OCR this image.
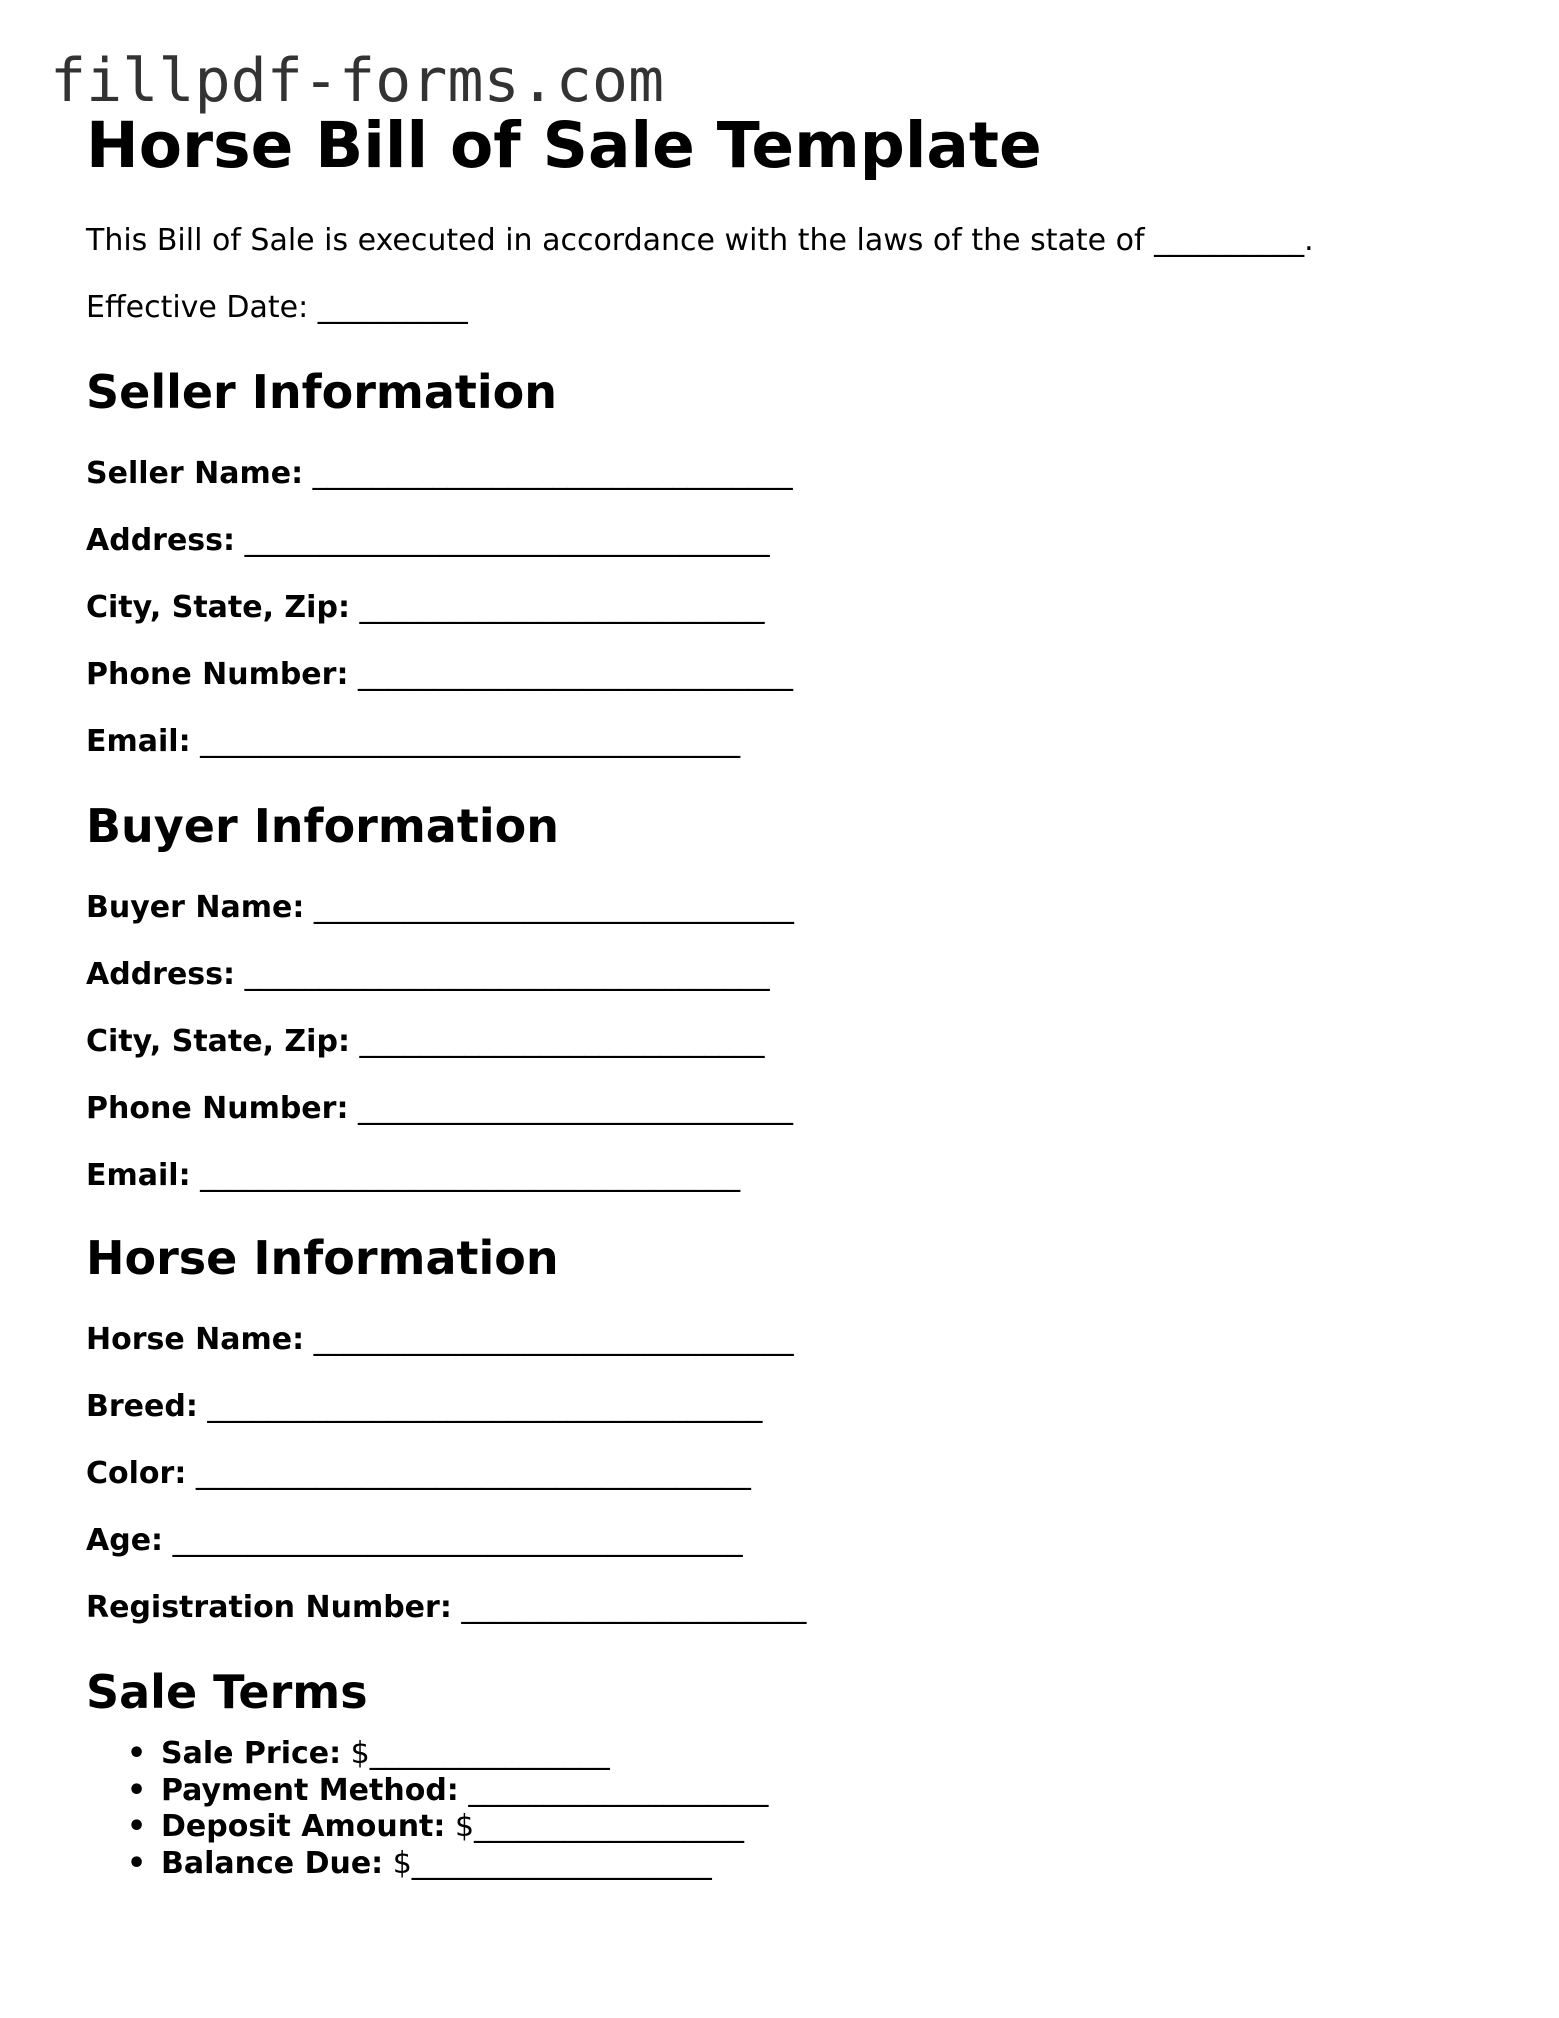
fillpdf-forms.com
Horse Bill of Sale Template

This Bill of Sale is executed in accordance with the laws of the state of __________.

Effective Date: __________

Seller Information

Seller Name: ________________________________

Address: ___________________________________

City, State, Zip: ___________________________

Phone Number: _____________________________

Email: ____________________________________

Buyer Information

Buyer Name: ________________________________

Address: ___________________________________

City, State, Zip: ___________________________

Phone Number: _____________________________

Email: ____________________________________

Horse Information

Horse Name: ________________________________

Breed: _____________________________________

Color: _____________________________________

Age: ______________________________________

Registration Number: _______________________

Sale Terms
• Sale Price: $________________
• Payment Method: ____________________
• Deposit Amount: $__________________
• Balance Due: $____________________
